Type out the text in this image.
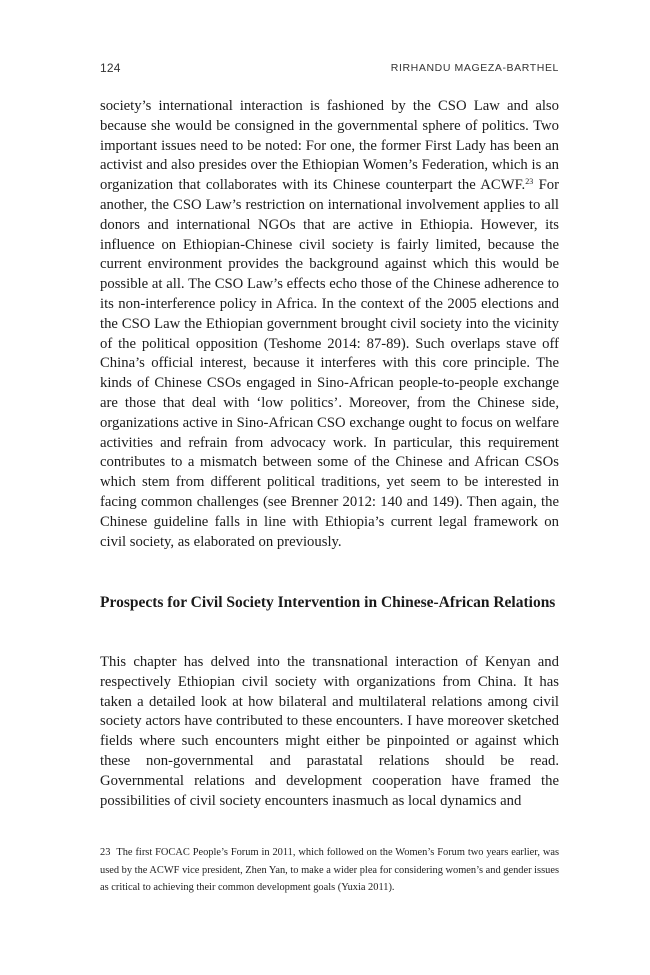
124	RIRHANDU MAGEZA-BARTHEL

society’s international interaction is fashioned by the CSO Law and also because she would be consigned in the governmental sphere of politics. Two important issues need to be noted: For one, the former First Lady has been an activist and also presides over the Ethiopian Women’s Federation, which is an organization that collaborates with its Chinese counterpart the ACWF.$^{23}$ For another, the CSO Law’s restriction on international involvement applies to all donors and international NGOs that are active in Ethiopia. However, its influence on Ethiopian-Chinese civil society is fairly limited, because the current environment provides the background against which this would be possible at all. The CSO Law’s effects echo those of the Chinese adherence to its non-interference policy in Africa. In the context of the 2005 elections and the CSO Law the Ethiopian government brought civil society into the vicinity of the political opposition (Teshome 2014: 87-89). Such overlaps stave off China’s official interest, because it interferes with this core principle. The kinds of Chinese CSOs engaged in Sino-African people-to-people exchange are those that deal with ‘low politics’. Moreover, from the Chinese side, organizations active in Sino-African CSO exchange ought to focus on welfare activities and refrain from advocacy work. In particular, this requirement contributes to a mismatch between some of the Chinese and African CSOs which stem from different political traditions, yet seem to be interested in facing common challenges (see Brenner 2012: 140 and 149). Then again, the Chinese guideline falls in line with Ethiopia’s current legal framework on civil society, as elaborated on previously.

Prospects for Civil Society Intervention in Chinese-African Relations

This chapter has delved into the transnational interaction of Kenyan and respectively Ethiopian civil society with organizations from China. It has taken a detailed look at how bilateral and multilateral relations among civil society actors have contributed to these encounters. I have moreover sketched fields where such encounters might either be pinpointed or against which these non-governmental and parastatal relations should be read. Governmental relations and development cooperation have framed the possibilities of civil society encounters inasmuch as local dynamics and

23 The first FOCAC People’s Forum in 2011, which followed on the Women’s Forum two years earlier, was used by the ACWF vice president, Zhen Yan, to make a wider plea for considering women’s and gender issues as critical to achieving their common development goals (Yuxia 2011).
